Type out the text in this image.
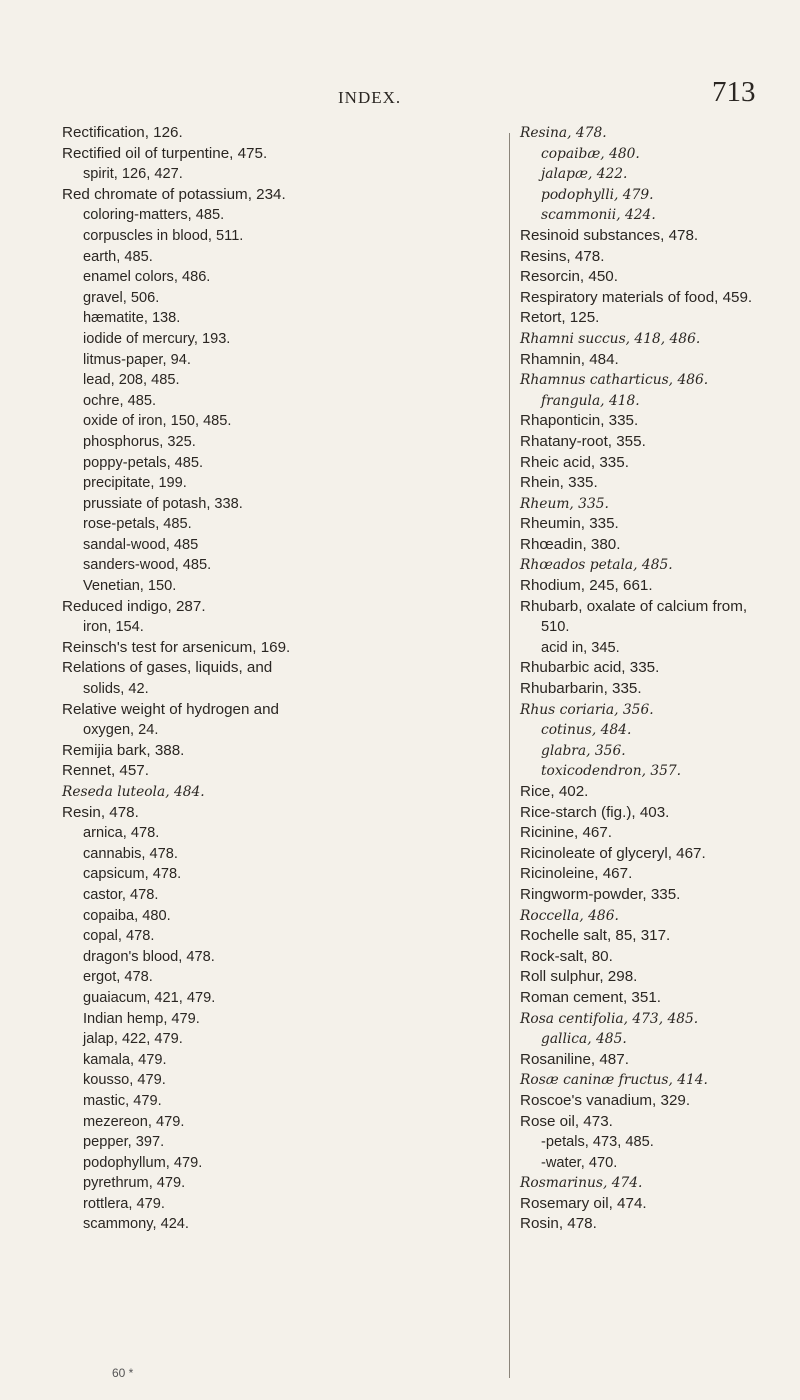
INDEX.	713
Rectification, 126.
Rectified oil of turpentine, 475.
spirit, 126, 427.
Red chromate of potassium, 234.
coloring-matters, 485.
corpuscles in blood, 511.
earth, 485.
enamel colors, 486.
gravel, 506.
hæmatite, 138.
iodide of mercury, 193.
litmus-paper, 94.
lead, 208, 485.
ochre, 485.
oxide of iron, 150, 485.
phosphorus, 325.
poppy-petals, 485.
precipitate, 199.
prussiate of potash, 338.
rose-petals, 485.
sandal-wood, 485
sanders-wood, 485.
Venetian, 150.
Reduced indigo, 287.
iron, 154.
Reinsch's test for arsenicum, 169.
Relations of gases, liquids, and
solids, 42.
Relative weight of hydrogen and
oxygen, 24.
Remijia bark, 388.
Rennet, 457.
Reseda luteola, 484.
Resin, 478.
arnica, 478.
cannabis, 478.
capsicum, 478.
castor, 478.
copaiba, 480.
copal, 478.
dragon's blood, 478.
ergot, 478.
guaiacum, 421, 479.
Indian hemp, 479.
jalap, 422, 479.
kamala, 479.
kousso, 479.
mastic, 479.
mezereon, 479.
pepper, 397.
podophyllum, 479.
pyrethrum, 479.
rottlera, 479.
scammony, 424.
Resina, 478.
copaibæ, 480.
jalapæ, 422.
podophylli, 479.
scammonii, 424.
Resinoid substances, 478.
Resins, 478.
Resorcin, 450.
Respiratory materials of food, 459.
Retort, 125.
Rhamni succus, 418, 486.
Rhamnin, 484.
Rhamnus catharticus, 486.
frangula, 418.
Rhaponticin, 335.
Rhatany-root, 355.
Rheic acid, 335.
Rhein, 335.
Rheum, 335.
Rheumin, 335.
Rhœadin, 380.
Rhœados petala, 485.
Rhodium, 245, 661.
Rhubarb, oxalate of calcium from,
510.
acid in, 345.
Rhubarbic acid, 335.
Rhubarbarin, 335.
Rhus coriaria, 356.
cotinus, 484.
glabra, 356.
toxicodendron, 357.
Rice, 402.
Rice-starch (fig.), 403.
Ricinine, 467.
Ricinoleate of glyceryl, 467.
Ricinoleine, 467.
Ringworm-powder, 335.
Roccella, 486.
Rochelle salt, 85, 317.
Rock-salt, 80.
Roll sulphur, 298.
Roman cement, 351.
Rosa centifolia, 473, 485.
gallica, 485.
Rosaniline, 487.
Rosæ caninæ fructus, 414.
Roscoe's vanadium, 329.
Rose oil, 473.
-petals, 473, 485.
-water, 470.
Rosmarinus, 474.
Rosemary oil, 474.
Rosin, 478.
60 *
